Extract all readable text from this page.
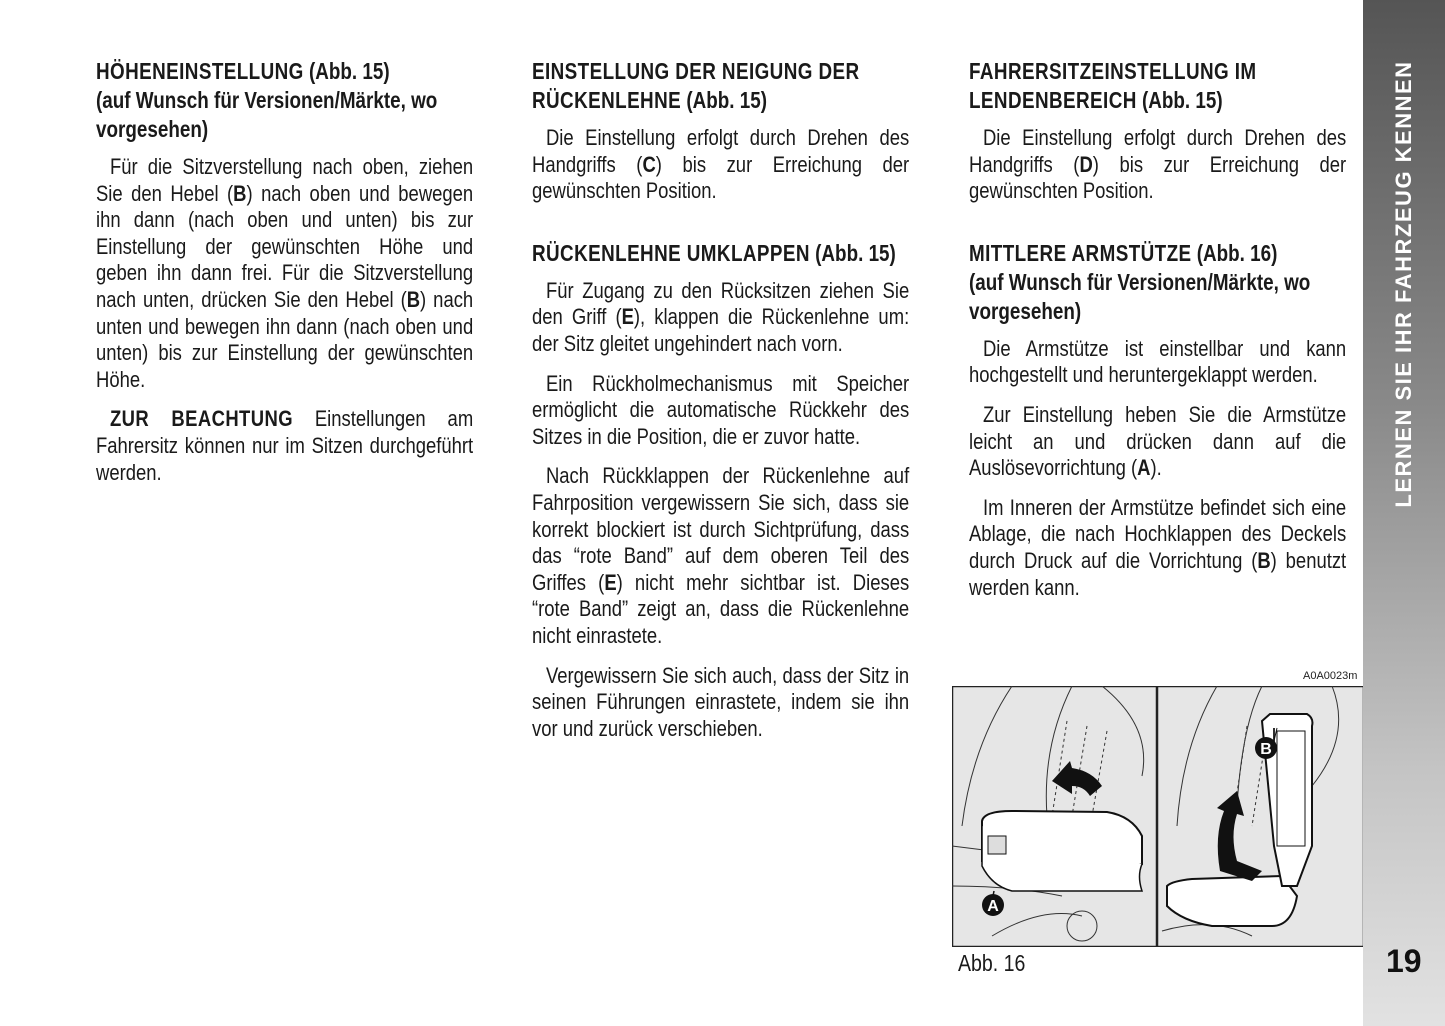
HÖHENEINSTELLUNG (Abb. 15)
(auf Wunsch für Versionen/Märkte, wo vorgesehen)

Für die Sitzverstellung nach oben, ziehen Sie den Hebel (B) nach oben und bewegen ihn dann (nach oben und unten) bis zur Einstellung der gewünschten Höhe und geben ihn dann frei. Für die Sitzverstellung nach unten, drücken Sie den Hebel (B) nach unten und bewegen ihn dann (nach oben und unten) bis zur Einstellung der gewünschten Höhe.

ZUR BEACHTUNG Einstellungen am Fahrersitz können nur im Sitzen durchgeführt werden.

EINSTELLUNG DER NEIGUNG DER RÜCKENLEHNE (Abb. 15)

Die Einstellung erfolgt durch Drehen des Handgriffs (C) bis zur Erreichung der gewünschten Position.

RÜCKENLEHNE UMKLAPPEN (Abb. 15)

Für Zugang zu den Rücksitzen ziehen Sie den Griff (E), klappen die Rückenlehne um: der Sitz gleitet ungehindert nach vorn.

Ein Rückholmechanismus mit Speicher ermöglicht die automatische Rückkehr des Sitzes in die Position, die er zuvor hatte.

Nach Rückklappen der Rückenlehne auf Fahrposition vergewissern Sie sich, dass sie korrekt blockiert ist durch Sichtprüfung, dass das “rote Band” auf dem oberen Teil des Griffes (E) nicht mehr sichtbar ist. Dieses “rote Band” zeigt an, dass die Rückenlehne nicht einrastete.

Vergewissern Sie sich auch, dass der Sitz in seinen Führungen einrastete, indem sie ihn vor und zurück verschieben.

FAHRERSITZEINSTELLUNG IM LENDENBEREICH (Abb. 15)

Die Einstellung erfolgt durch Drehen des Handgriffs (D) bis zur Erreichung der gewünschten Position.

MITTLERE ARMSTÜTZE (Abb. 16)
(auf Wunsch für Versionen/Märkte, wo vorgesehen)

Die Armstütze ist einstellbar und kann hochgestellt und heruntergeklappt werden.

Zur Einstellung heben Sie die Armstütze leicht an und drücken dann auf die Auslösevorrichtung (A).

Im Inneren der Armstütze befindet sich eine Ablage, die nach Hochklappen des Deckels durch Druck auf die Vorrichtung (B) benutzt werden kann.

A0A0023m
A
B
Abb. 16
LERNEN SIE IHR FAHRZEUG KENNEN
19
